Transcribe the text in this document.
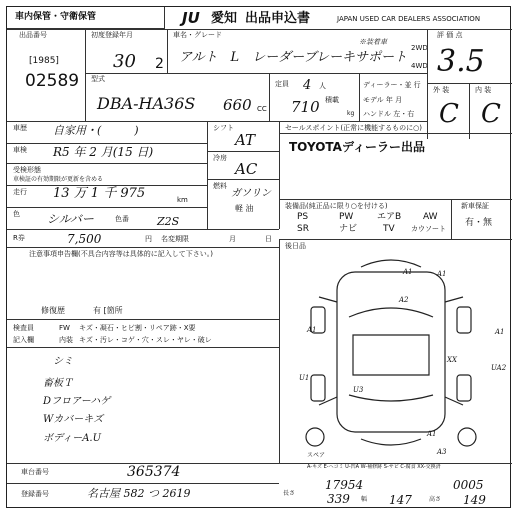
車内保管・守衛保管	JU 愛知 出品申込書	JAPAN USED CAR DEALERS ASSOCIATION
出品番号
[1985]
02589
初度登録年月
30 2
車名・グレード
アルト　L　レーダーブレーキサポート
※装着車
2WD
4WD
評 価 点
3.5
外 装	内 装
C C
型式
DBA-HA36S 660 CC
定員 4 人
積載
710	kg
ディーラー・並 行
モデル 年 月
ハンドル 左・右
車歴 自家用・(　　　)
車検 R5 年 2 月(15 日)
受検形態
車検証の有効期限が更新を含める
走行 13 万 1 千 975	km
色 シルバー	色番	Z2S
シフト
AT
冷房
AC
燃料
ガソリン
軽 油
セールスポイント(正常に機能するものに○)
TOYOTAディーラー出品
装備品(純正品に限り○を付ける)
PS	PW	エアB AW
SR	ナビ	TV カウソート
新車保証
有・無
後日品
R券	7,500	円 名変期限	月	日
注意事項申告欄(不具合内容等は具体的に記入して下さい。)
修復歴	有 [箇所
検査員
記入欄
FW キズ・凝石・ヒビ割・リペア跡・X要
内装 キズ・汚レ・コゲ・穴・スレ・ヤレ・破レ
シミ
畜板Ｔ
Dフロアーハゲ
Wカバーキズ
ボディーA.U
A1	A1
A2
A1
XX
U1
UA2
U3
A1
A1
A3
スペア
A-キズ E-ヘコミ U-凹A W-補修跡 S-サビ C-腐食 XX-交換済
車台番号	365374
登録番号	名古屋 582 つ 2619	長さ
17954	0005
339 幅 147	高さ 149
